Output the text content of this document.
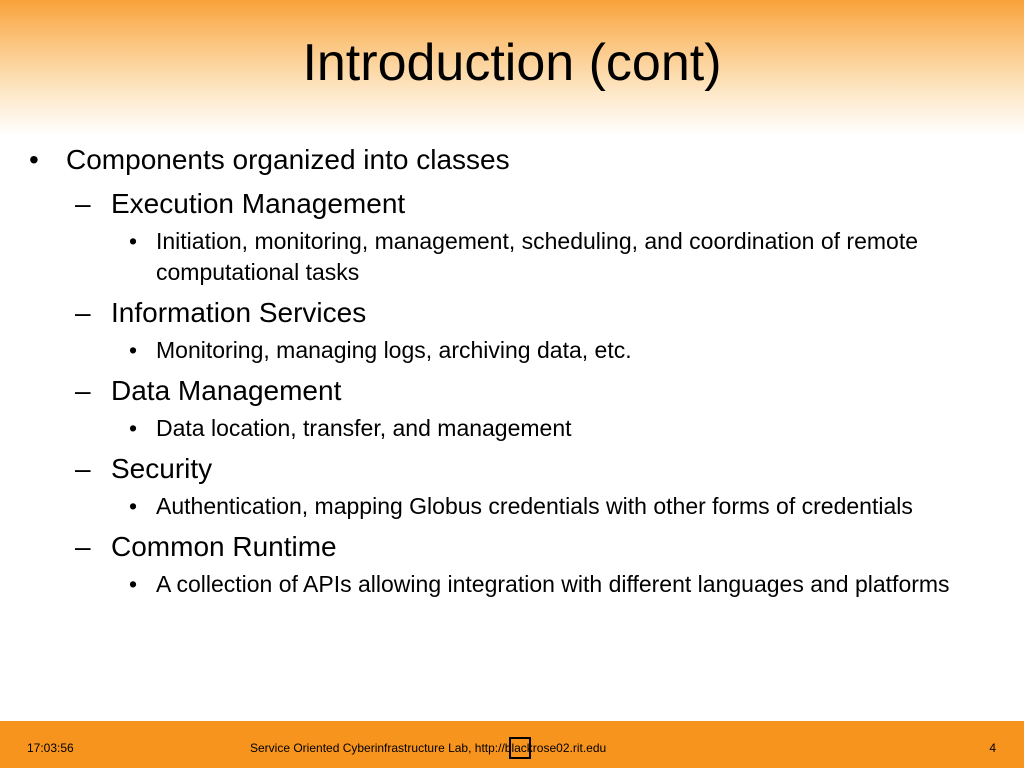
Introduction (cont)
• Components organized into classes
– Execution Management
• Initiation, monitoring, management, scheduling, and coordination of remote computational tasks
– Information Services
• Monitoring, managing logs, archiving data, etc.
– Data Management
• Data location, transfer, and management
– Security
• Authentication, mapping Globus credentials with other forms of credentials
– Common Runtime
• A collection of APIs allowing integration with different languages and platforms
17:03:56	Service Oriented Cyberinfrastructure Lab, http://blackrose02.rit.edu	4
